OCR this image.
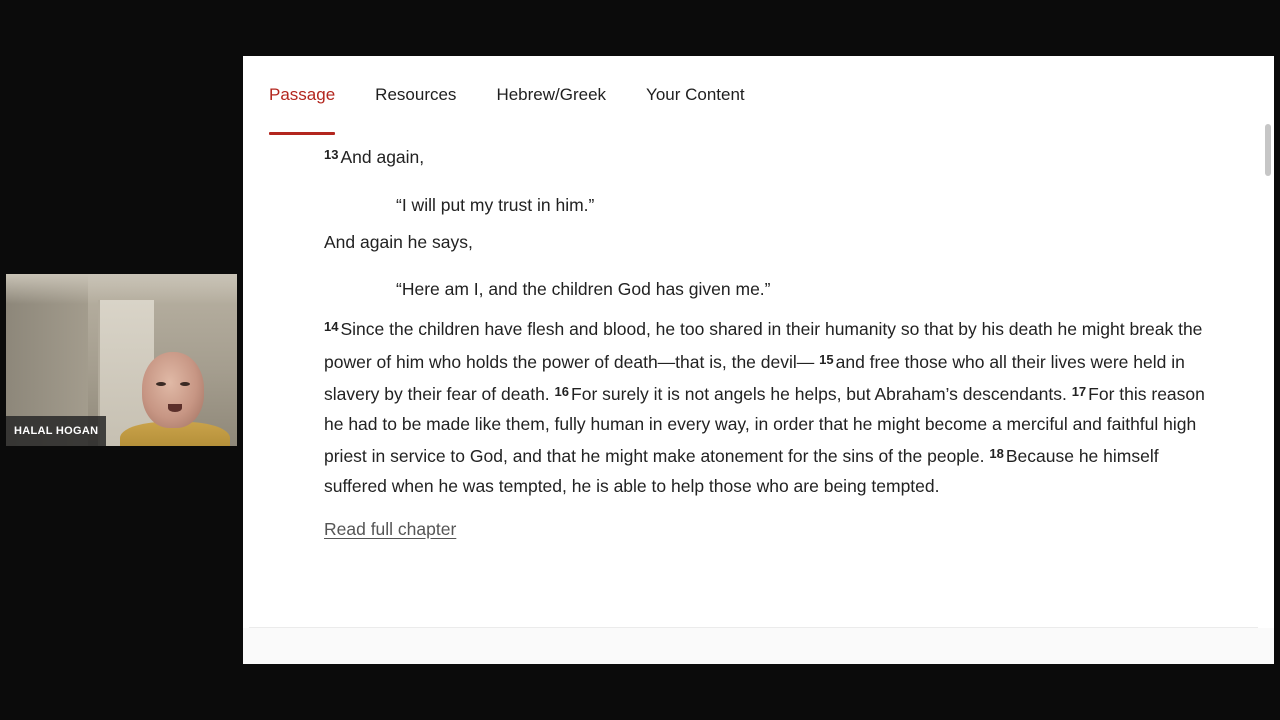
HALAL HOGAN
Passage Resources Hebrew/Greek Your Content
$^{13}$ And again,
“I will put my trust in him.”
And again he says,
“Here am I, and the children God has given me.”
$^{14}$ Since the children have flesh and blood, he too shared in their humanity so that by his death he might break the power of him who holds the power of death—that is, the devil— $^{15}$ and free those who all their lives were held in slavery by their fear of death. $^{16}$ For surely it is not angels he helps, but Abraham’s descendants. $^{17}$ For this reason he had to be made like them, fully human in every way, in order that he might become a merciful and faithful high priest in service to God, and that he might make atonement for the sins of the people. $^{18}$ Because he himself suffered when he was tempted, he is able to help those who are being tempted.
Read full chapter
